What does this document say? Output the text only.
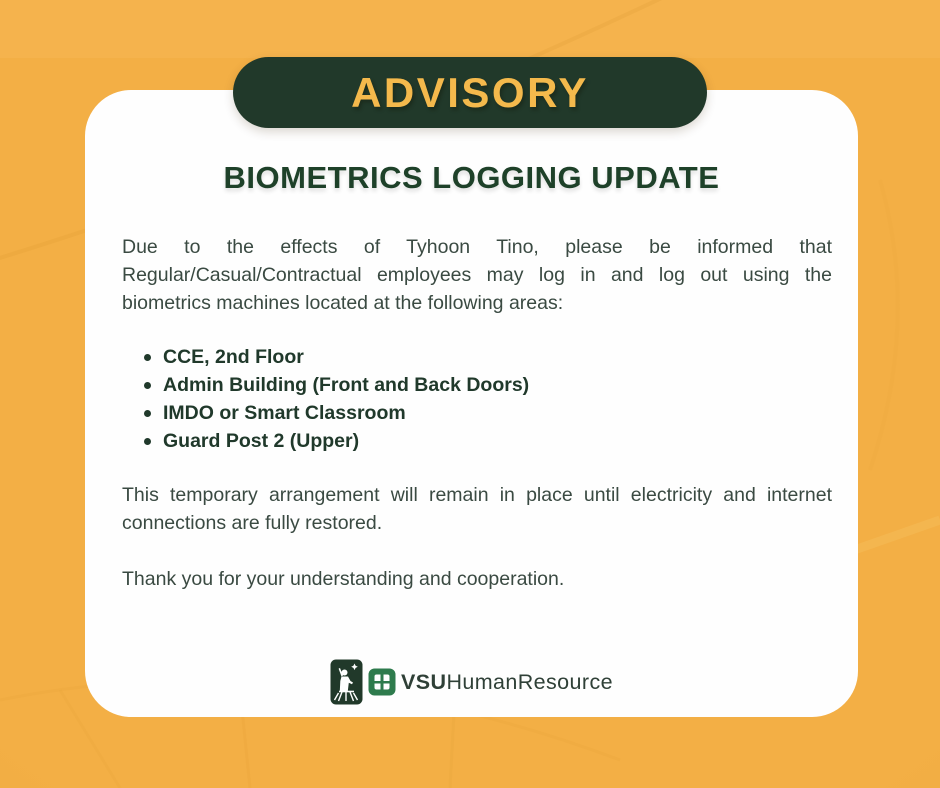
BIOMETRICS LOGGING UPDATE

Due to the effects of Tyhoon Tino, please be informed that Regular/Casual/Contractual employees may log in and log out using the biometrics machines located at the following areas:

CCE, 2nd Floor
Admin Building (Front and Back Doors)
IMDO or Smart Classroom
Guard Post 2 (Upper)

This temporary arrangement will remain in place until electricity and internet connections are fully restored.

Thank you for your understanding and cooperation.

VSUHumanResource
ADVISORY
